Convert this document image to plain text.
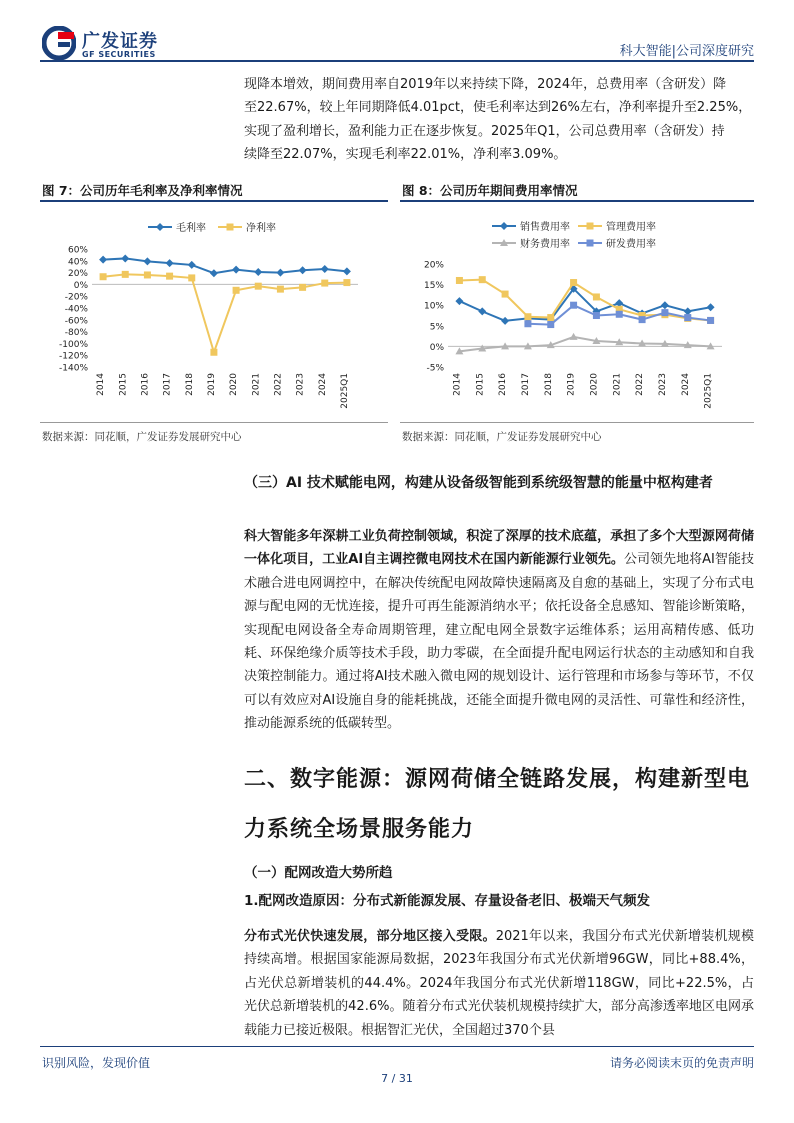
广发证券
GF SECURITIES	科大智能|公司深度研究

现降本增效，期间费用率自2019年以来持续下降，2024年，总费用率（含研发）降

至22.67%，较上年同期降低4.01pct，使毛利率达到26%左右，净利率提升至2.25%，

实现了盈利增长，盈利能力正在逐步恢复。2025年Q1，公司总费用率（含研发）持

续降至22.07%，实现毛利率22.01%，净利率3.09%。

图 7：公司历年毛利率及净利率情况
60%
40%
20%
0%
-20%
-40%
-60%
-80%
-100%
-120%
-140%
2014 2015 2016 2017 2018 2019 2020 2021 2022 2023 2024 2025Q1
毛利率	净利率
数据来源：同花顺，广发证券发展研究中心
图 8：公司历年期间费用率情况
20%
15%
10%
5%
0%
-5%
2014 2015 2016 2017 2018 2019 2020 2021 2022 2023 2024 2025Q1
销售费用率	管理费用率
财务费用率	研发费用率
数据来源：同花顺，广发证券发展研究中心
（三）AI 技术赋能电网，构建从设备级智能到系统级智慧的能量中枢构建者
科大智能多年深耕工业负荷控制领域，积淀了深厚的技术底蕴，承担了多个大型源网荷储一体化项目，工业AI自主调控微电网技术在国内新能源行业领先。公司领先地将AI智能技术融合进电网调控中，在解决传统配电网故障快速隔离及自愈的基础上，实现了分布式电源与配电网的无忧连接，提升可再生能源消纳水平；依托设备全息感知、智能诊断策略，实现配电网设备全寿命周期管理，建立配电网全景数字运维体系；运用高精传感、低功耗、环保绝缘介质等技术手段，助力零碳，在全面提升配电网运行状态的主动感知和自我决策控制能力。通过将AI技术融入微电网的规划设计、运行管理和市场参与等环节，不仅可以有效应对AI设施自身的能耗挑战，还能全面提升微电网的灵活性、可靠性和经济性，推动能源系统的低碳转型。
二、数字能源：源网荷储全链路发展，构建新型电力系统全场景服务能力
（一）配网改造大势所趋
1.配网改造原因：分布式新能源发展、存量设备老旧、极端天气频发
分布式光伏快速发展，部分地区接入受限。2021年以来，我国分布式光伏新增装机规模持续高增。根据国家能源局数据，2023年我国分布式光伏新增96GW，同比+88.4%，占光伏总新增装机的44.4%。2024年我国分布式光伏新增118GW，同比+22.5%，占光伏总新增装机的42.6%。随着分布式光伏装机规模持续扩大，部分高渗透率地区电网承载能力已接近极限。根据智汇光伏，全国超过370个县
识别风险，发现价值	请务必阅读末页的免责声明
7 / 31
